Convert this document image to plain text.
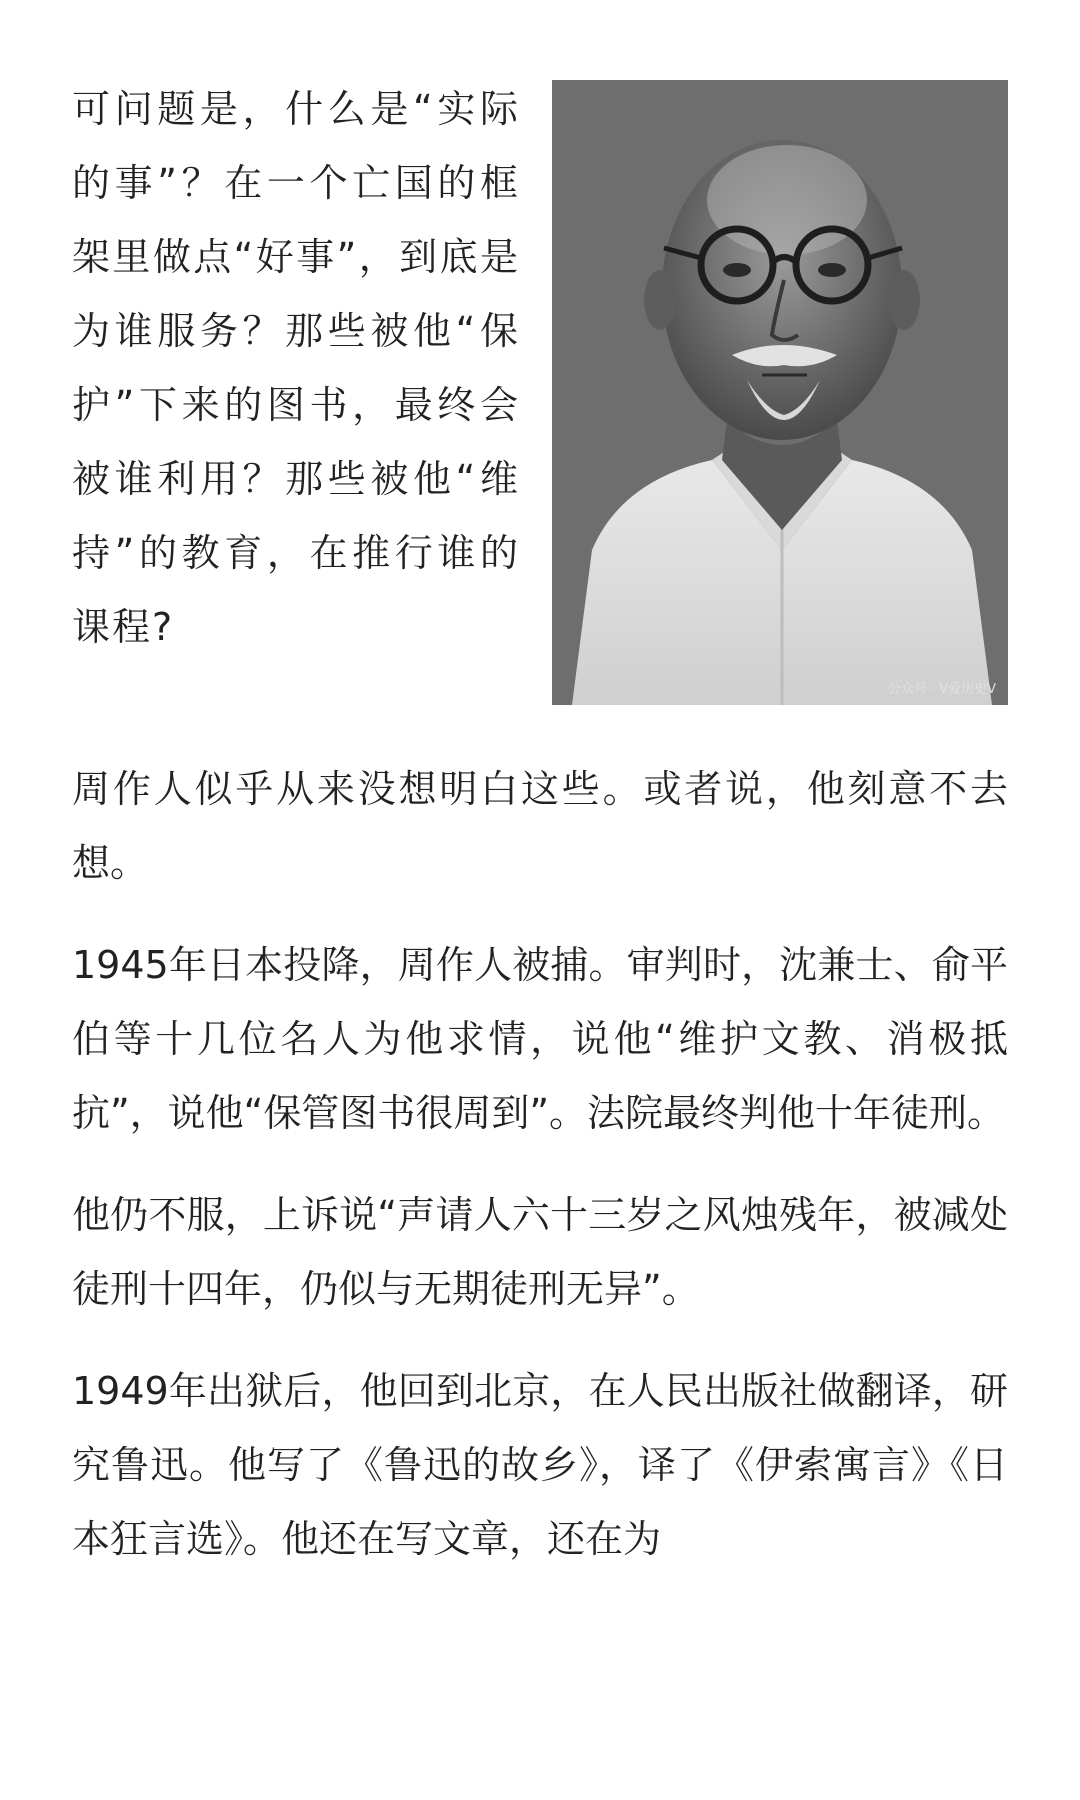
可问题是，什么是“实际的事”？在一个亡国的框架里做点“好事”，到底是为谁服务？那些被他“保护”下来的图书，最终会被谁利用？那些被他“维持”的教育，在推行谁的课程?
公众号 · V爱历史V

周作人似乎从来没想明白这些。或者说，他刻意不去想。

1945年日本投降，周作人被捕。审判时，沈兼士、俞平伯等十几位名人为他求情，说他“维护文教、消极抵抗”，说他“保管图书很周到”。法院最终判他十年徒刑。

他仍不服，上诉说“声请人六十三岁之风烛残年，被减处徒刑十四年，仍似与无期徒刑无异”。

1949年出狱后，他回到北京，在人民出版社做翻译，研究鲁迅。他写了《鲁迅的故乡》，译了《伊索寓言》《日本狂言选》。他还在写文章，还在为
